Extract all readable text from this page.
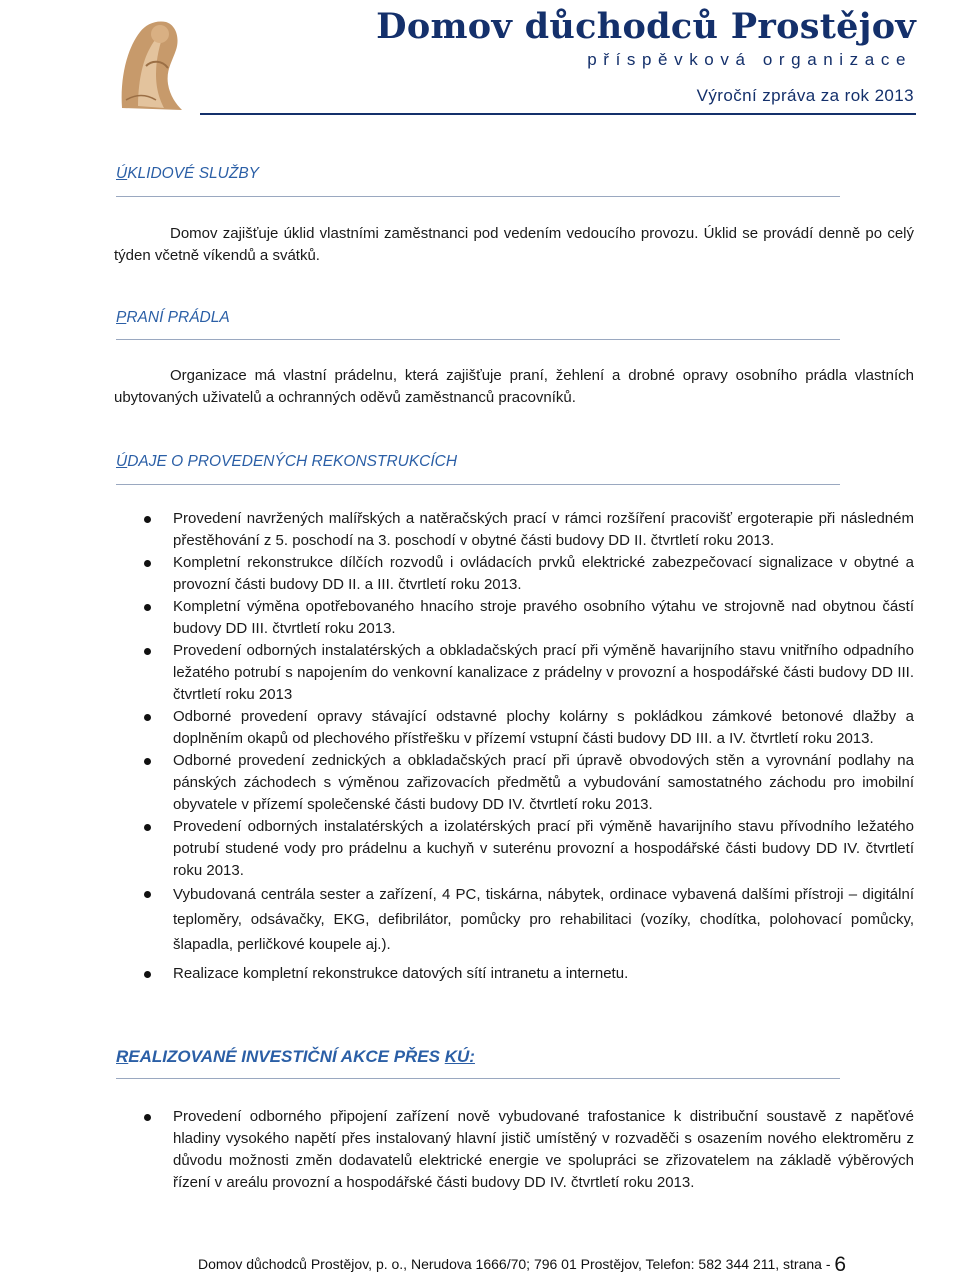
Domov důchodců Prostějov
příspěvková organizace
Výroční zpráva za rok 2013
ÚKLIDOVÉ SLUŽBY
Domov zajišťuje úklid vlastními zaměstnanci pod vedením vedoucího provozu. Úklid se provádí denně po celý týden včetně víkendů a svátků.
PRANÍ PRÁDLA
Organizace má vlastní prádelnu, která zajišťuje praní, žehlení a drobné opravy osobního prádla vlastních ubytovaných uživatelů a ochranných oděvů zaměstnanců pracovníků.
ÚDAJE O PROVEDENÝCH REKONSTRUKCÍCH
Provedení navržených malířských a natěračských prací v rámci rozšíření pracovišť ergoterapie při následném přestěhování z 5. poschodí na 3. poschodí v obytné části budovy DD II. čtvrtletí roku 2013.
Kompletní rekonstrukce dílčích rozvodů i ovládacích prvků elektrické zabezpečovací signalizace v obytné a provozní části budovy DD II. a III. čtvrtletí roku 2013.
Kompletní výměna opotřebovaného hnacího stroje pravého osobního výtahu ve strojovně nad obytnou částí budovy DD III. čtvrtletí roku 2013.
Provedení odborných instalatérských a obkladačských prací při výměně havarijního stavu vnitřního odpadního ležatého potrubí s napojením do venkovní kanalizace z prádelny v provozní a hospodářské části budovy DD III. čtvrtletí roku 2013
Odborné provedení opravy stávající odstavné plochy kolárny s pokládkou zámkové betonové dlažby a doplněním okapů od plechového přístřešku v přízemí vstupní části budovy DD III. a IV. čtvrtletí roku 2013.
Odborné provedení zednických a obkladačských prací při úpravě obvodových stěn a vyrovnání podlahy na pánských záchodech s výměnou zařizovacích předmětů a vybudování samostatného záchodu pro imobilní obyvatele v přízemí společenské části budovy DD IV. čtvrtletí roku 2013.
Provedení odborných instalatérských a izolatérských prací při výměně havarijního stavu přívodního ležatého potrubí studené vody pro prádelnu a kuchyň v suterénu provozní a hospodářské části budovy DD IV. čtvrtletí roku 2013.
Vybudovaná centrála sester a zařízení, 4 PC, tiskárna, nábytek, ordinace vybavená dalšími přístroji – digitální teploměry, odsávačky, EKG, defibrilátor, pomůcky pro rehabilitaci (vozíky, chodítka, polohovací pomůcky, šlapadla, perličkové koupele aj.).
Realizace kompletní rekonstrukce datových sítí intranetu a internetu.
REALIZOVANÉ INVESTIČNÍ AKCE PŘES KÚ:
Provedení odborného připojení zařízení nově vybudované trafostanice k distribuční soustavě z napěťové hladiny vysokého napětí přes instalovaný hlavní jistič umístěný v rozvaděči s osazením nového elektroměru z důvodu možnosti změn dodavatelů elektrické energie ve spolupráci se zřizovatelem na základě výběrových řízení v areálu provozní a hospodářské části budovy DD IV. čtvrtletí roku 2013.
Domov důchodců Prostějov, p. o., Nerudova 1666/70; 796 01 Prostějov, Telefon: 582 344 211, strana - 6
